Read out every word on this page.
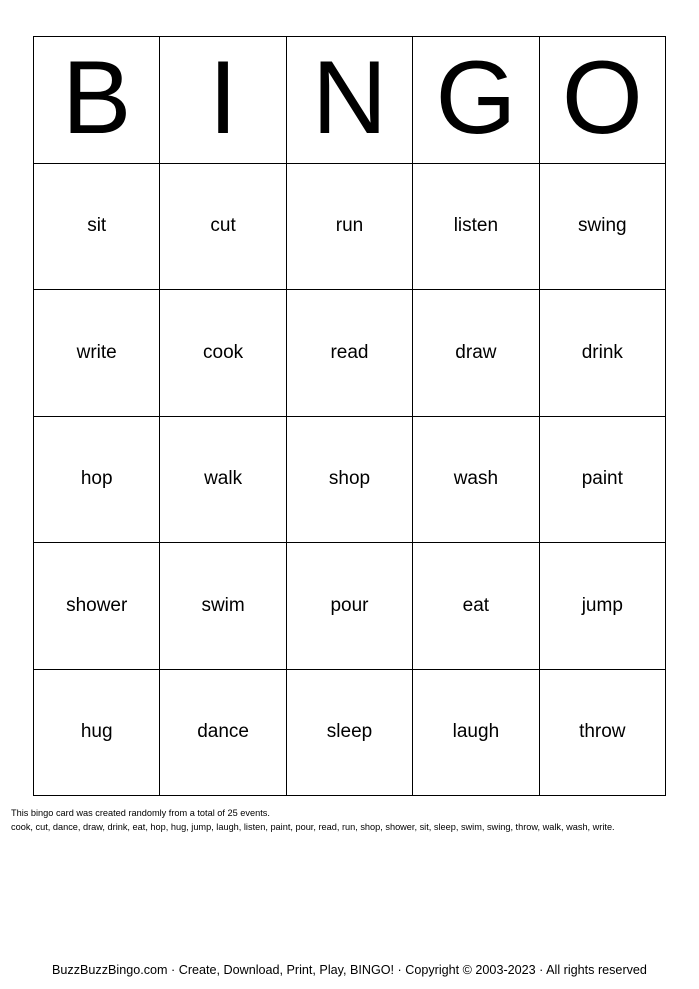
B I N G O
sit	cut	run	listen	swing
write	cook	read	draw	drink
hop	walk	shop	wash	paint
shower	swim	pour	eat	jump
hug	dance	sleep	laugh	throw
This bingo card was created randomly from a total of 25 events.
cook, cut, dance, draw, drink, eat, hop, hug, jump, laugh, listen, paint, pour, read, run, shop, shower, sit, sleep, swim, swing, throw, walk, wash, write.
BuzzBuzzBingo.com · Create, Download, Print, Play, BINGO! · Copyright © 2003-2023 · All rights reserved
